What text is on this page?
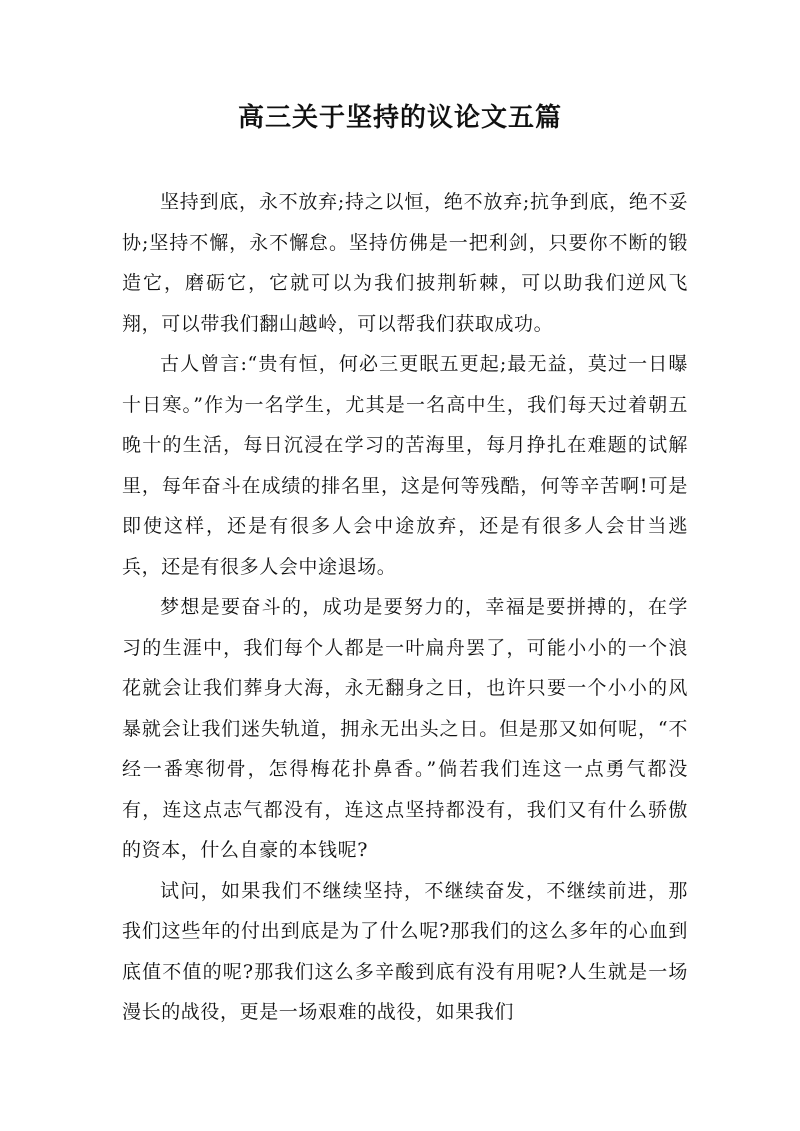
高三关于坚持的议论文五篇

坚持到底，永不放弃;持之以恒，绝不放弃;抗争到底，绝不妥协;坚持不懈，永不懈怠。坚持仿佛是一把利剑，只要你不断的锻造它，磨砺它，它就可以为我们披荆斩棘，可以助我们逆风飞翔，可以带我们翻山越岭，可以帮我们获取成功。

古人曾言:“贵有恒，何必三更眠五更起;最无益，莫过一日曝十日寒。”作为一名学生，尤其是一名高中生，我们每天过着朝五晚十的生活，每日沉浸在学习的苦海里，每月挣扎在难题的试解里，每年奋斗在成绩的排名里，这是何等残酷，何等辛苦啊!可是即使这样，还是有很多人会中途放弃，还是有很多人会甘当逃兵，还是有很多人会中途退场。

梦想是要奋斗的，成功是要努力的，幸福是要拼搏的，在学习的生涯中，我们每个人都是一叶扁舟罢了，可能小小的一个浪花就会让我们葬身大海，永无翻身之日，也许只要一个小小的风暴就会让我们迷失轨道，拥永无出头之日。但是那又如何呢，“不经一番寒彻骨，怎得梅花扑鼻香。”倘若我们连这一点勇气都没有，连这点志气都没有，连这点坚持都没有，我们又有什么骄傲的资本，什么自豪的本钱呢?

试问，如果我们不继续坚持，不继续奋发，不继续前进，那我们这些年的付出到底是为了什么呢?那我们的这么多年的心血到底值不值的呢?那我们这么多辛酸到底有没有用呢?人生就是一场漫长的战役，更是一场艰难的战役，如果我们
